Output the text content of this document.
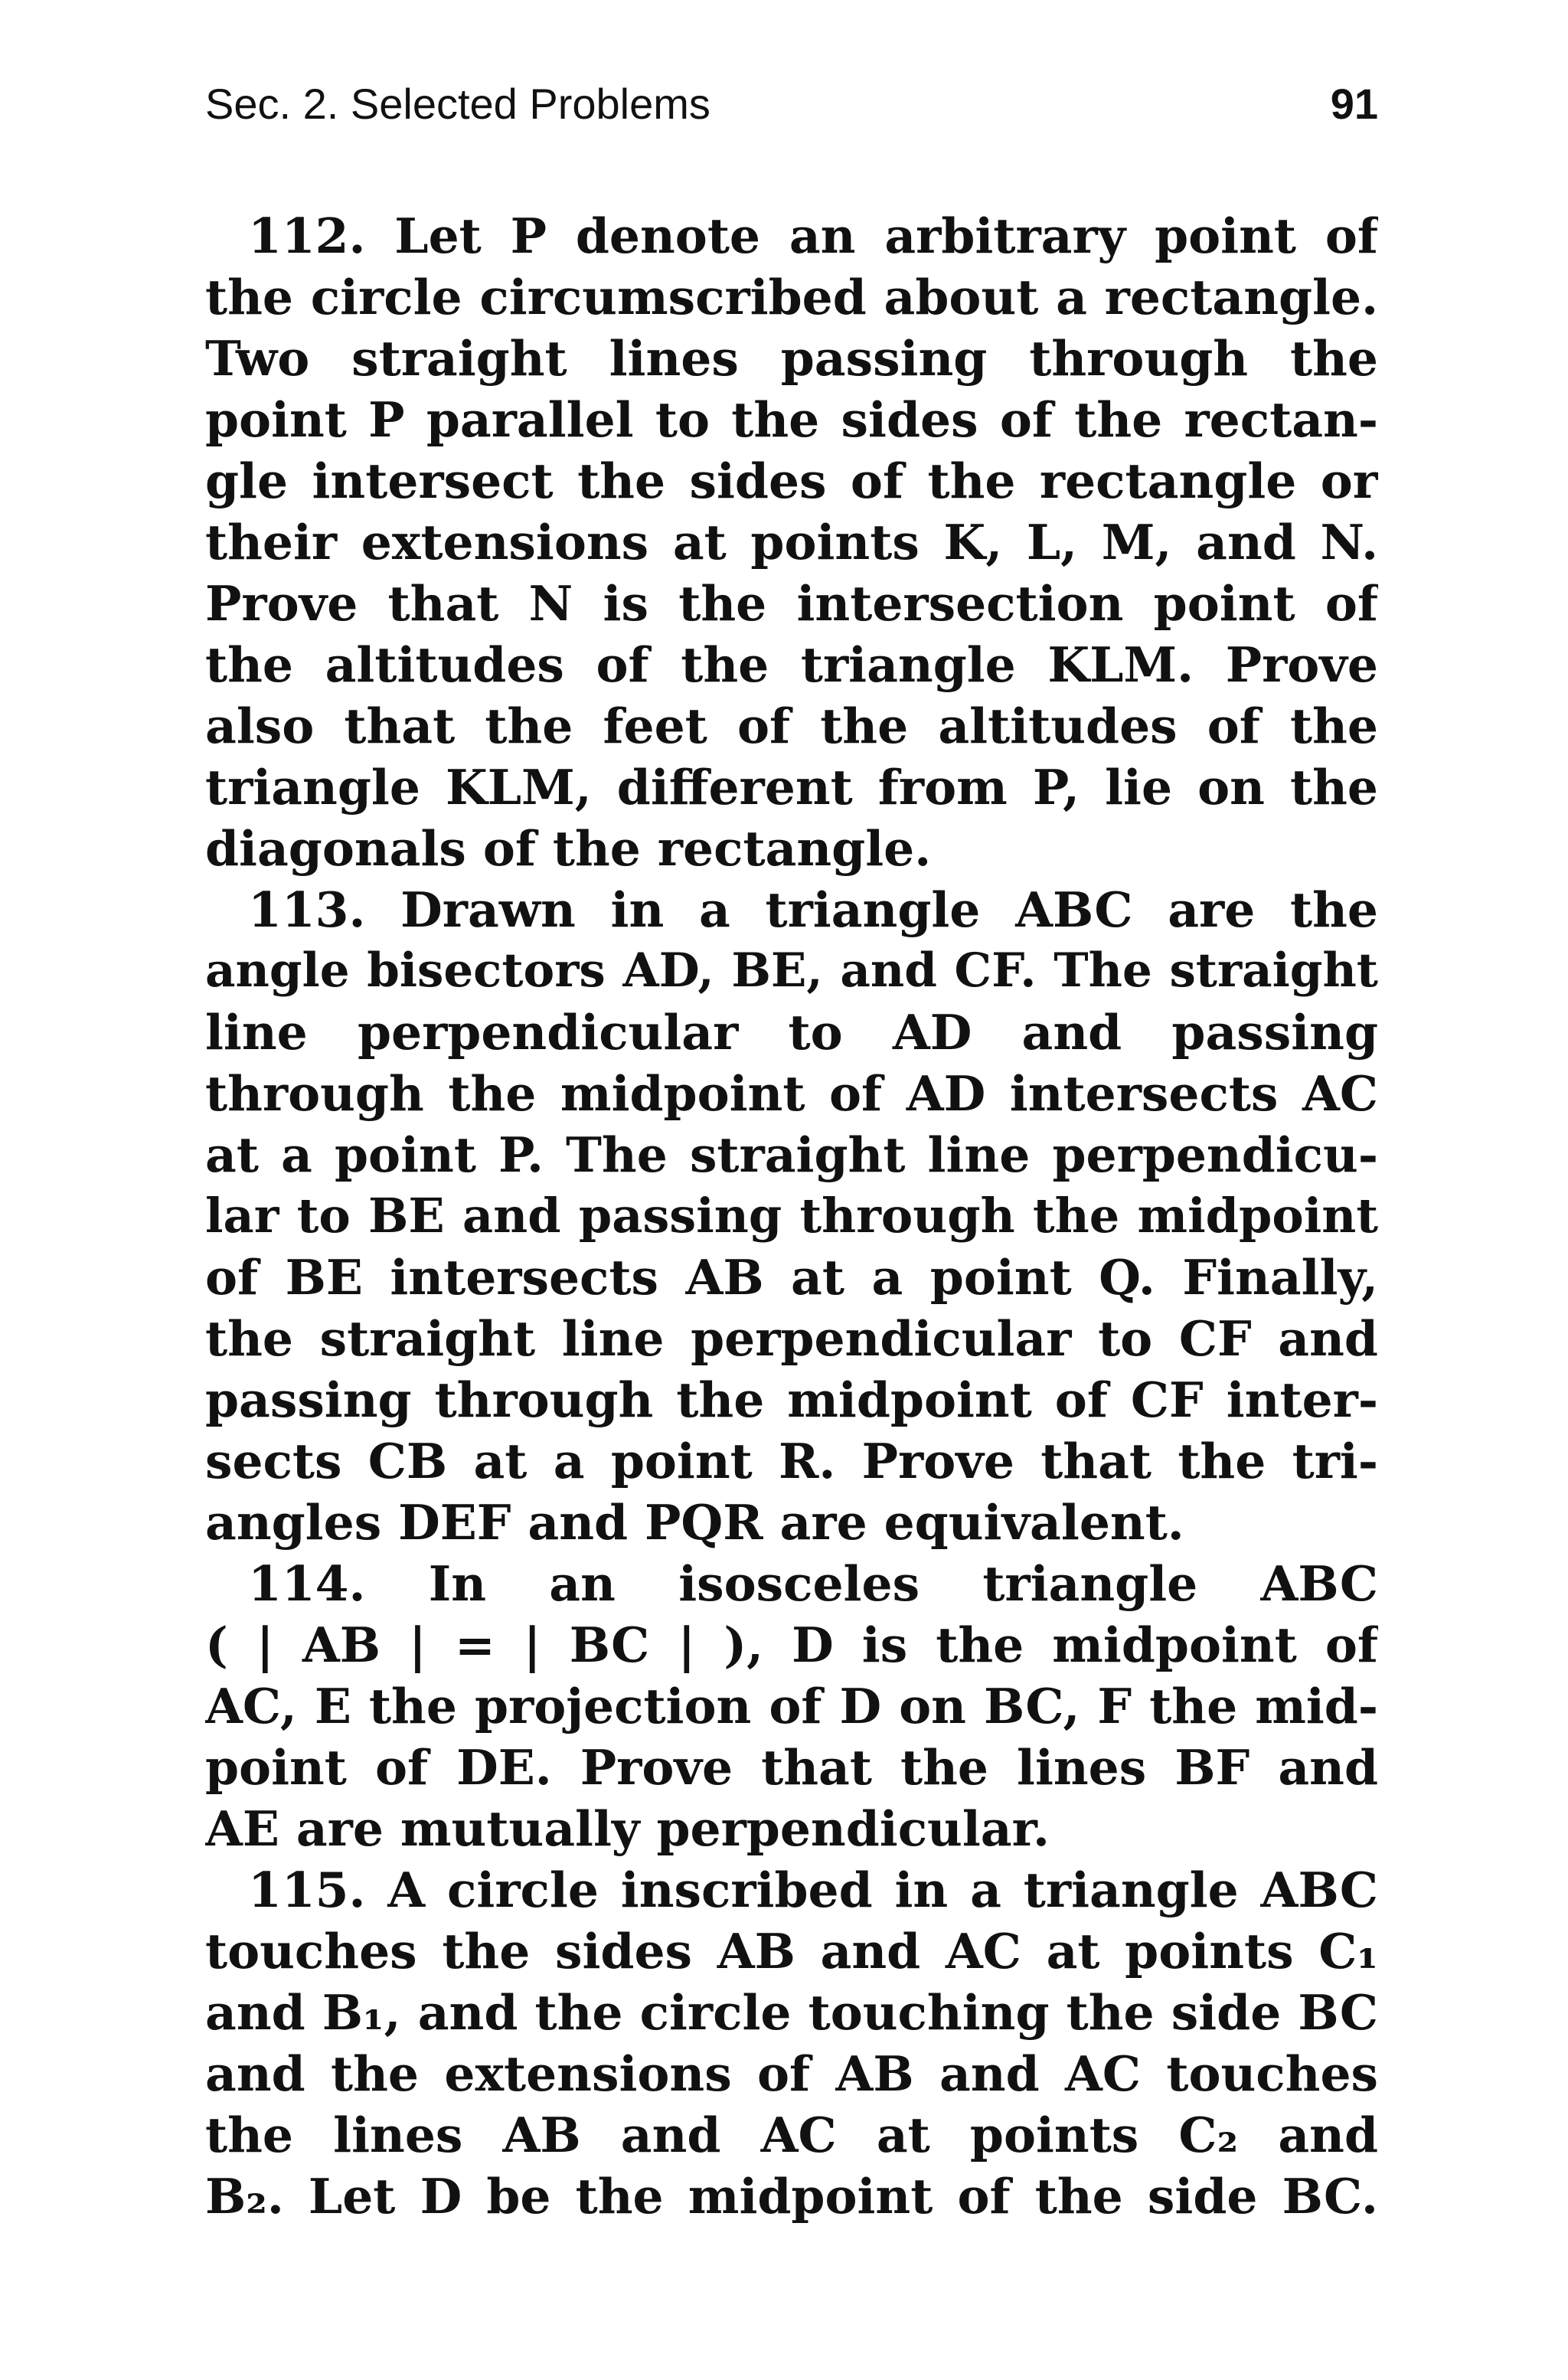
Sec. 2. Selected Problems	91
112. Let P denote an arbitrary point of
the circle circumscribed about a rectangle.
Two straight lines passing through the
point P parallel to the sides of the rectan-
gle intersect the sides of the rectangle or
their extensions at points K, L, M, and N.
Prove that N is the intersection point of
the altitudes of the triangle KLM. Prove
also that the feet of the altitudes of the
triangle KLM, different from P, lie on the
diagonals of the rectangle.
113. Drawn in a triangle ABC are the
angle bisectors AD, BE, and CF. The straight
line perpendicular to AD and passing
through the midpoint of AD intersects AC
at a point P. The straight line perpendicu-
lar to BE and passing through the midpoint
of BE intersects AB at a point Q. Finally,
the straight line perpendicular to CF and
passing through the midpoint of CF inter-
sects CB at a point R. Prove that the tri-
angles DEF and PQR are equivalent.
114. In an isosceles triangle ABC
( | AB | = | BC | ), D is the midpoint of
AC, E the projection of D on BC, F the mid-
point of DE. Prove that the lines BF and
AE are mutually perpendicular.
115. A circle inscribed in a triangle ABC
touches the sides AB and AC at points C₁
and B₁, and the circle touching the side BC
and the extensions of AB and AC touches
the lines AB and AC at points C₂ and
B₂. Let D be the midpoint of the side BC.
